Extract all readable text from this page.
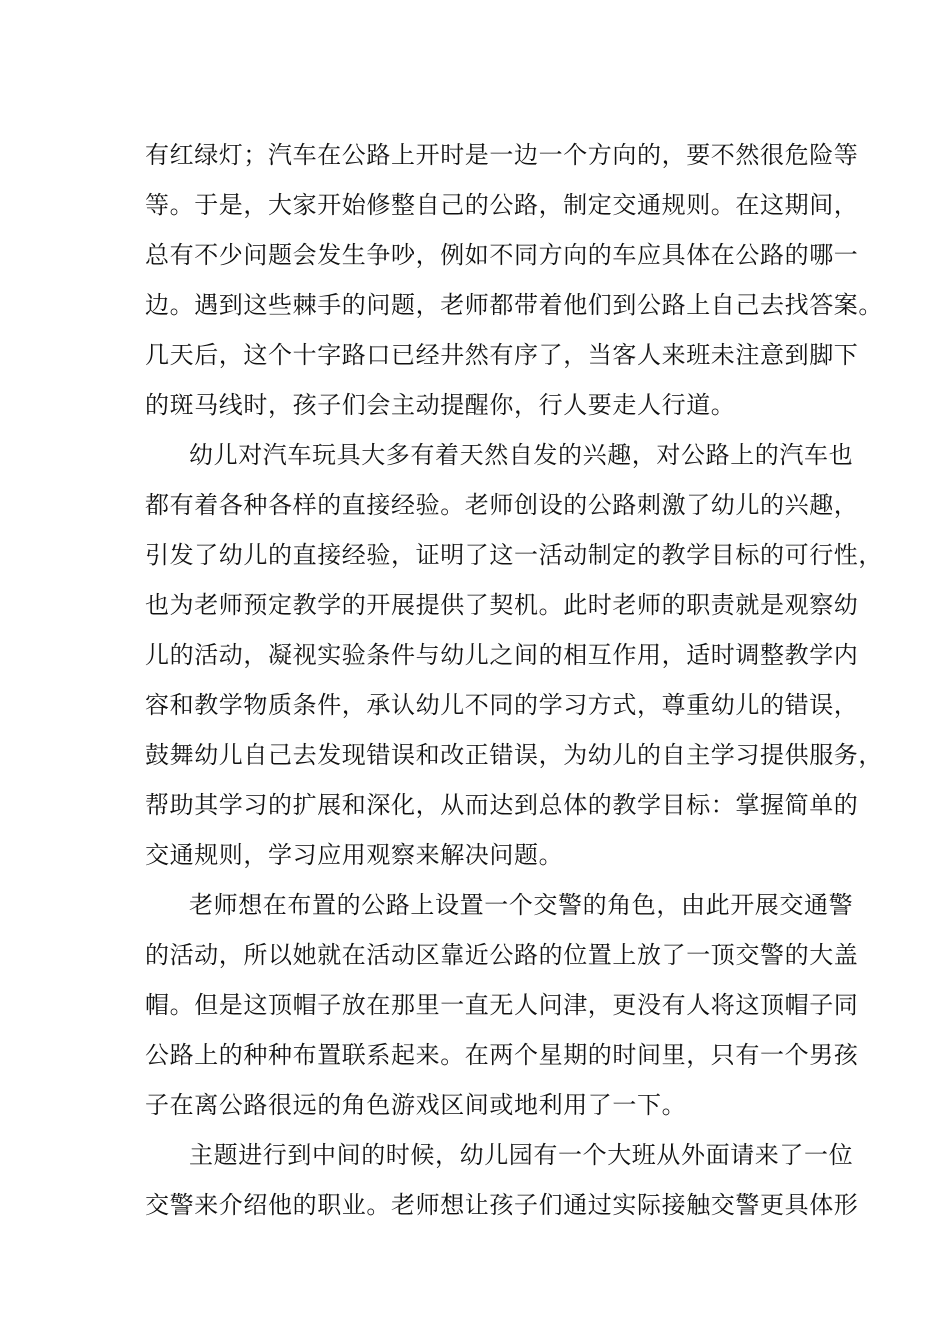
有红绿灯；汽车在公路上开时是一边一个方向的，要不然很危险等
等。于是，大家开始修整自己的公路，制定交通规则。在这期间，
总有不少问题会发生争吵，例如不同方向的车应具体在公路的哪一
边。遇到这些棘手的问题，老师都带着他们到公路上自己去找答案。
几天后，这个十字路口已经井然有序了，当客人来班未注意到脚下
的斑马线时，孩子们会主动提醒你，行人要走人行道。
幼儿对汽车玩具大多有着天然自发的兴趣，对公路上的汽车也
都有着各种各样的直接经验。老师创设的公路刺激了幼儿的兴趣，
引发了幼儿的直接经验，证明了这一活动制定的教学目标的可行性，
也为老师预定教学的开展提供了契机。此时老师的职责就是观察幼
儿的活动，凝视实验条件与幼儿之间的相互作用，适时调整教学内
容和教学物质条件，承认幼儿不同的学习方式，尊重幼儿的错误，
鼓舞幼儿自己去发现错误和改正错误，为幼儿的自主学习提供服务，
帮助其学习的扩展和深化，从而达到总体的教学目标：掌握简单的
交通规则，学习应用观察来解决问题。
老师想在布置的公路上设置一个交警的角色，由此开展交通警
的活动，所以她就在活动区靠近公路的位置上放了一顶交警的大盖
帽。但是这顶帽子放在那里一直无人问津，更没有人将这顶帽子同
公路上的种种布置联系起来。在两个星期的时间里，只有一个男孩
子在离公路很远的角色游戏区间或地利用了一下。
主题进行到中间的时候，幼儿园有一个大班从外面请来了一位
交警来介绍他的职业。老师想让孩子们通过实际接触交警更具体形
